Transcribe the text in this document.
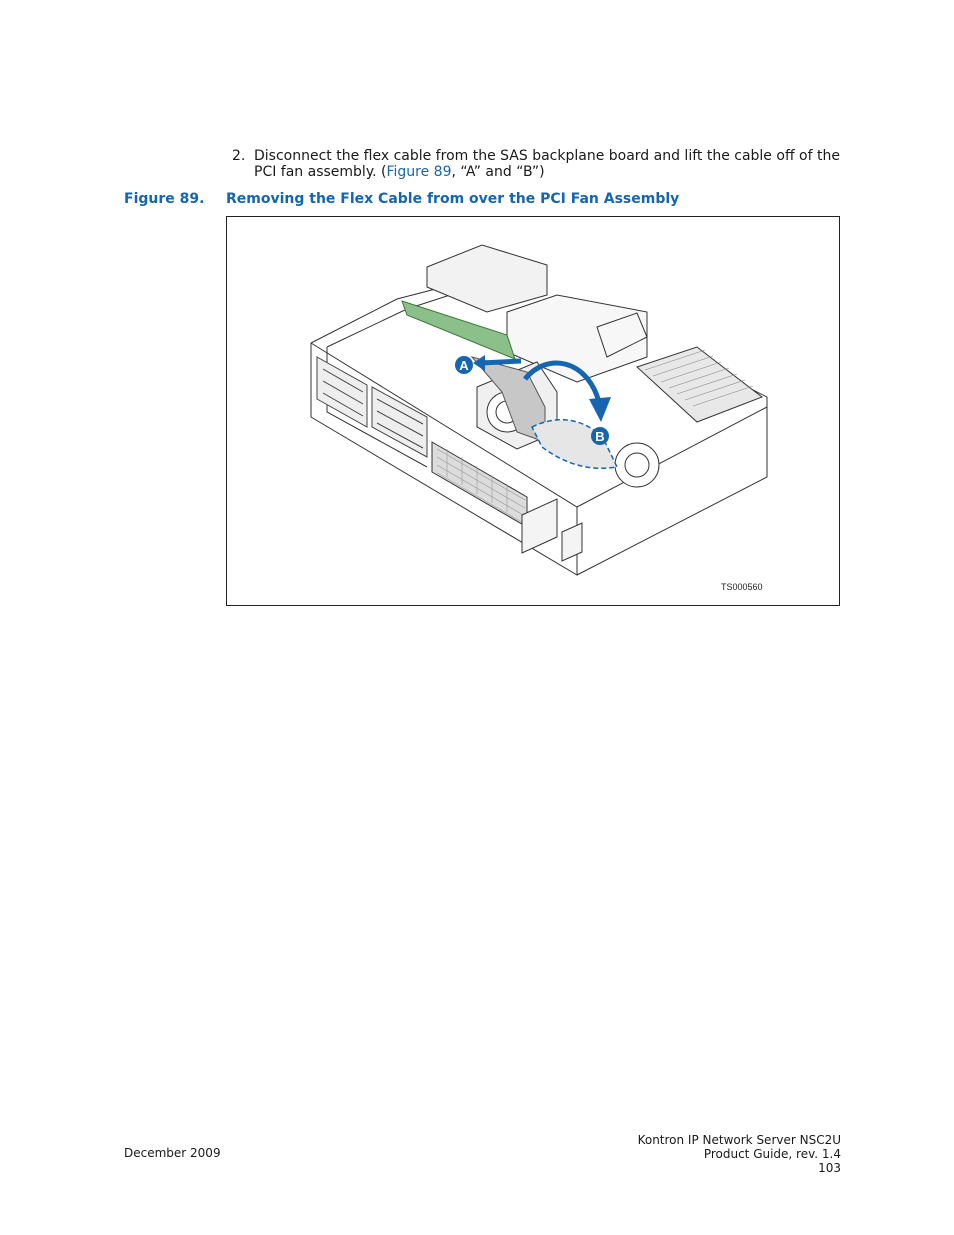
2. Disconnect the flex cable from the SAS backplane board and lift the cable off of the PCI fan assembly. (Figure 89, “A” and “B”)
Figure 89. Removing the Flex Cable from over the PCI Fan Assembly
A
B
TS000560
December 2009
Kontron IP Network Server NSC2U
Product Guide, rev. 1.4
103
